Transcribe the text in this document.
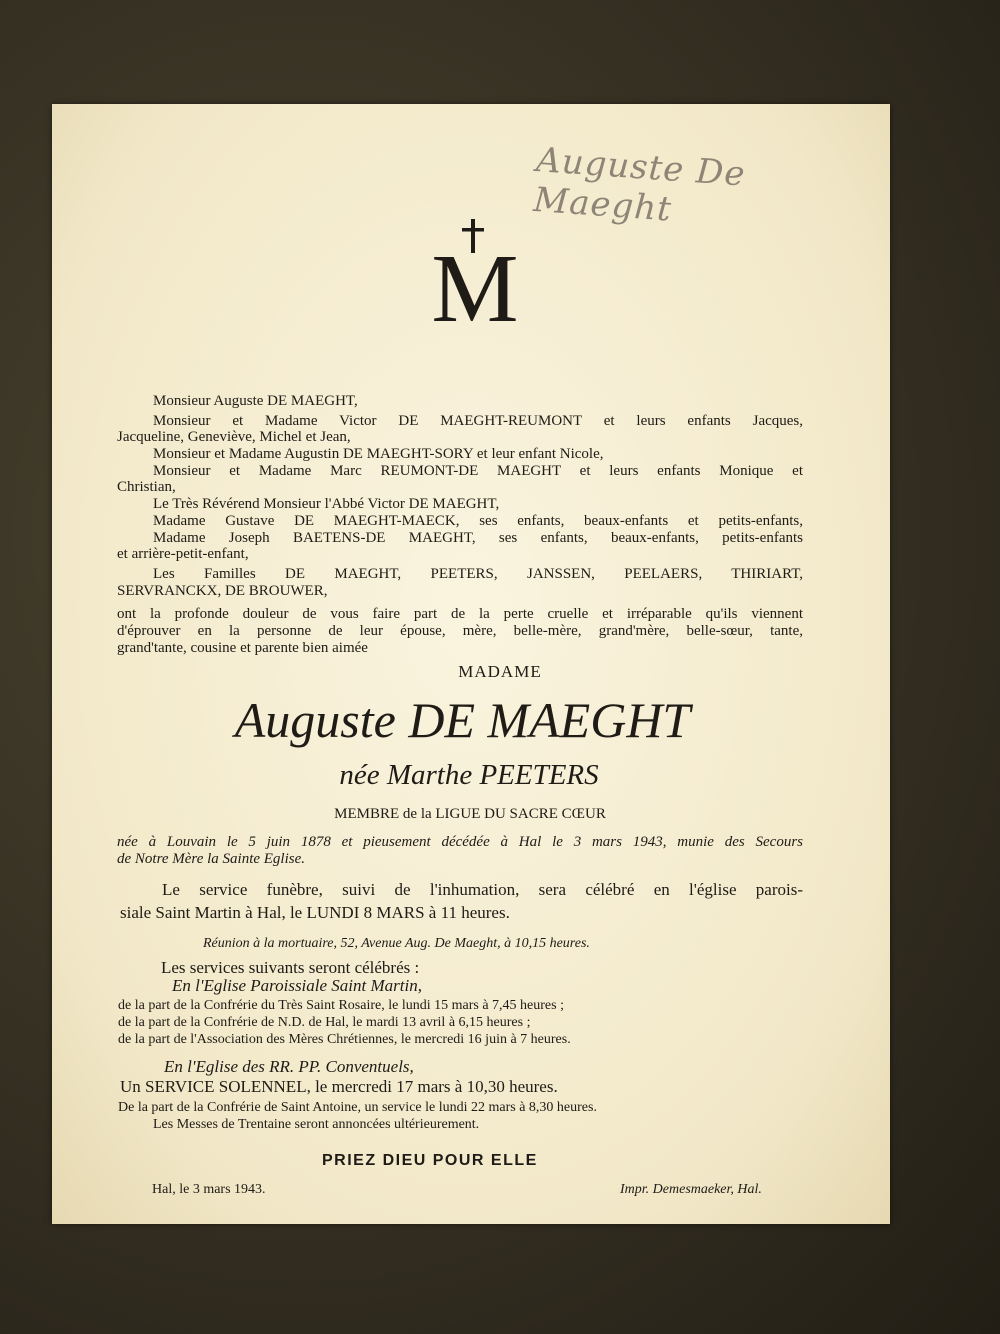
Auguste De Maeght
M
Monsieur Auguste DE MAEGHT,
Monsieur et Madame Victor DE MAEGHT-REUMONT et leurs enfants Jacques,
Jacqueline, Geneviève, Michel et Jean,
Monsieur et Madame Augustin DE MAEGHT-SORY et leur enfant Nicole,
Monsieur et Madame Marc REUMONT-DE MAEGHT et leurs enfants Monique et
Christian,
Le Très Révérend Monsieur l'Abbé Victor DE MAEGHT,
Madame Gustave DE MAEGHT-MAECK, ses enfants, beaux-enfants et petits-enfants,
Madame Joseph BAETENS-DE MAEGHT, ses enfants, beaux-enfants, petits-enfants
et arrière-petit-enfant,
Les Familles DE MAEGHT, PEETERS, JANSSEN, PEELAERS, THIRIART,
SERVRANCKX, DE BROUWER,
ont la profonde douleur de vous faire part de la perte cruelle et irréparable qu'ils viennent
d'éprouver en la personne de leur épouse, mère, belle-mère, grand'mère, belle-sœur, tante,
grand'tante, cousine et parente bien aimée
MADAME
Auguste DE MAEGHT
née Marthe PEETERS
MEMBRE de la LIGUE DU SACRE CŒUR
née à Louvain le 5 juin 1878 et pieusement décédée à Hal le 3 mars 1943, munie des Secours
de Notre Mère la Sainte Eglise.
Le service funèbre, suivi de l'inhumation, sera célébré en l'église parois-
siale Saint Martin à Hal, le LUNDI 8 MARS à 11 heures.
Réunion à la mortuaire, 52, Avenue Aug. De Maeght, à 10,15 heures.
Les services suivants seront célébrés :
En l'Eglise Paroissiale Saint Martin,
de la part de la Confrérie du Très Saint Rosaire, le lundi 15 mars à 7,45 heures ;
de la part de la Confrérie de N.D. de Hal, le mardi 13 avril à 6,15 heures ;
de la part de l'Association des Mères Chrétiennes, le mercredi 16 juin à 7 heures.
En l'Eglise des RR. PP. Conventuels,
Un SERVICE SOLENNEL, le mercredi 17 mars à 10,30 heures.
De la part de la Confrérie de Saint Antoine, un service le lundi 22 mars à 8,30 heures.
Les Messes de Trentaine seront annoncées ultérieurement.
PRIEZ DIEU POUR ELLE
Hal, le 3 mars 1943.	Impr. Demesmaeker, Hal.
